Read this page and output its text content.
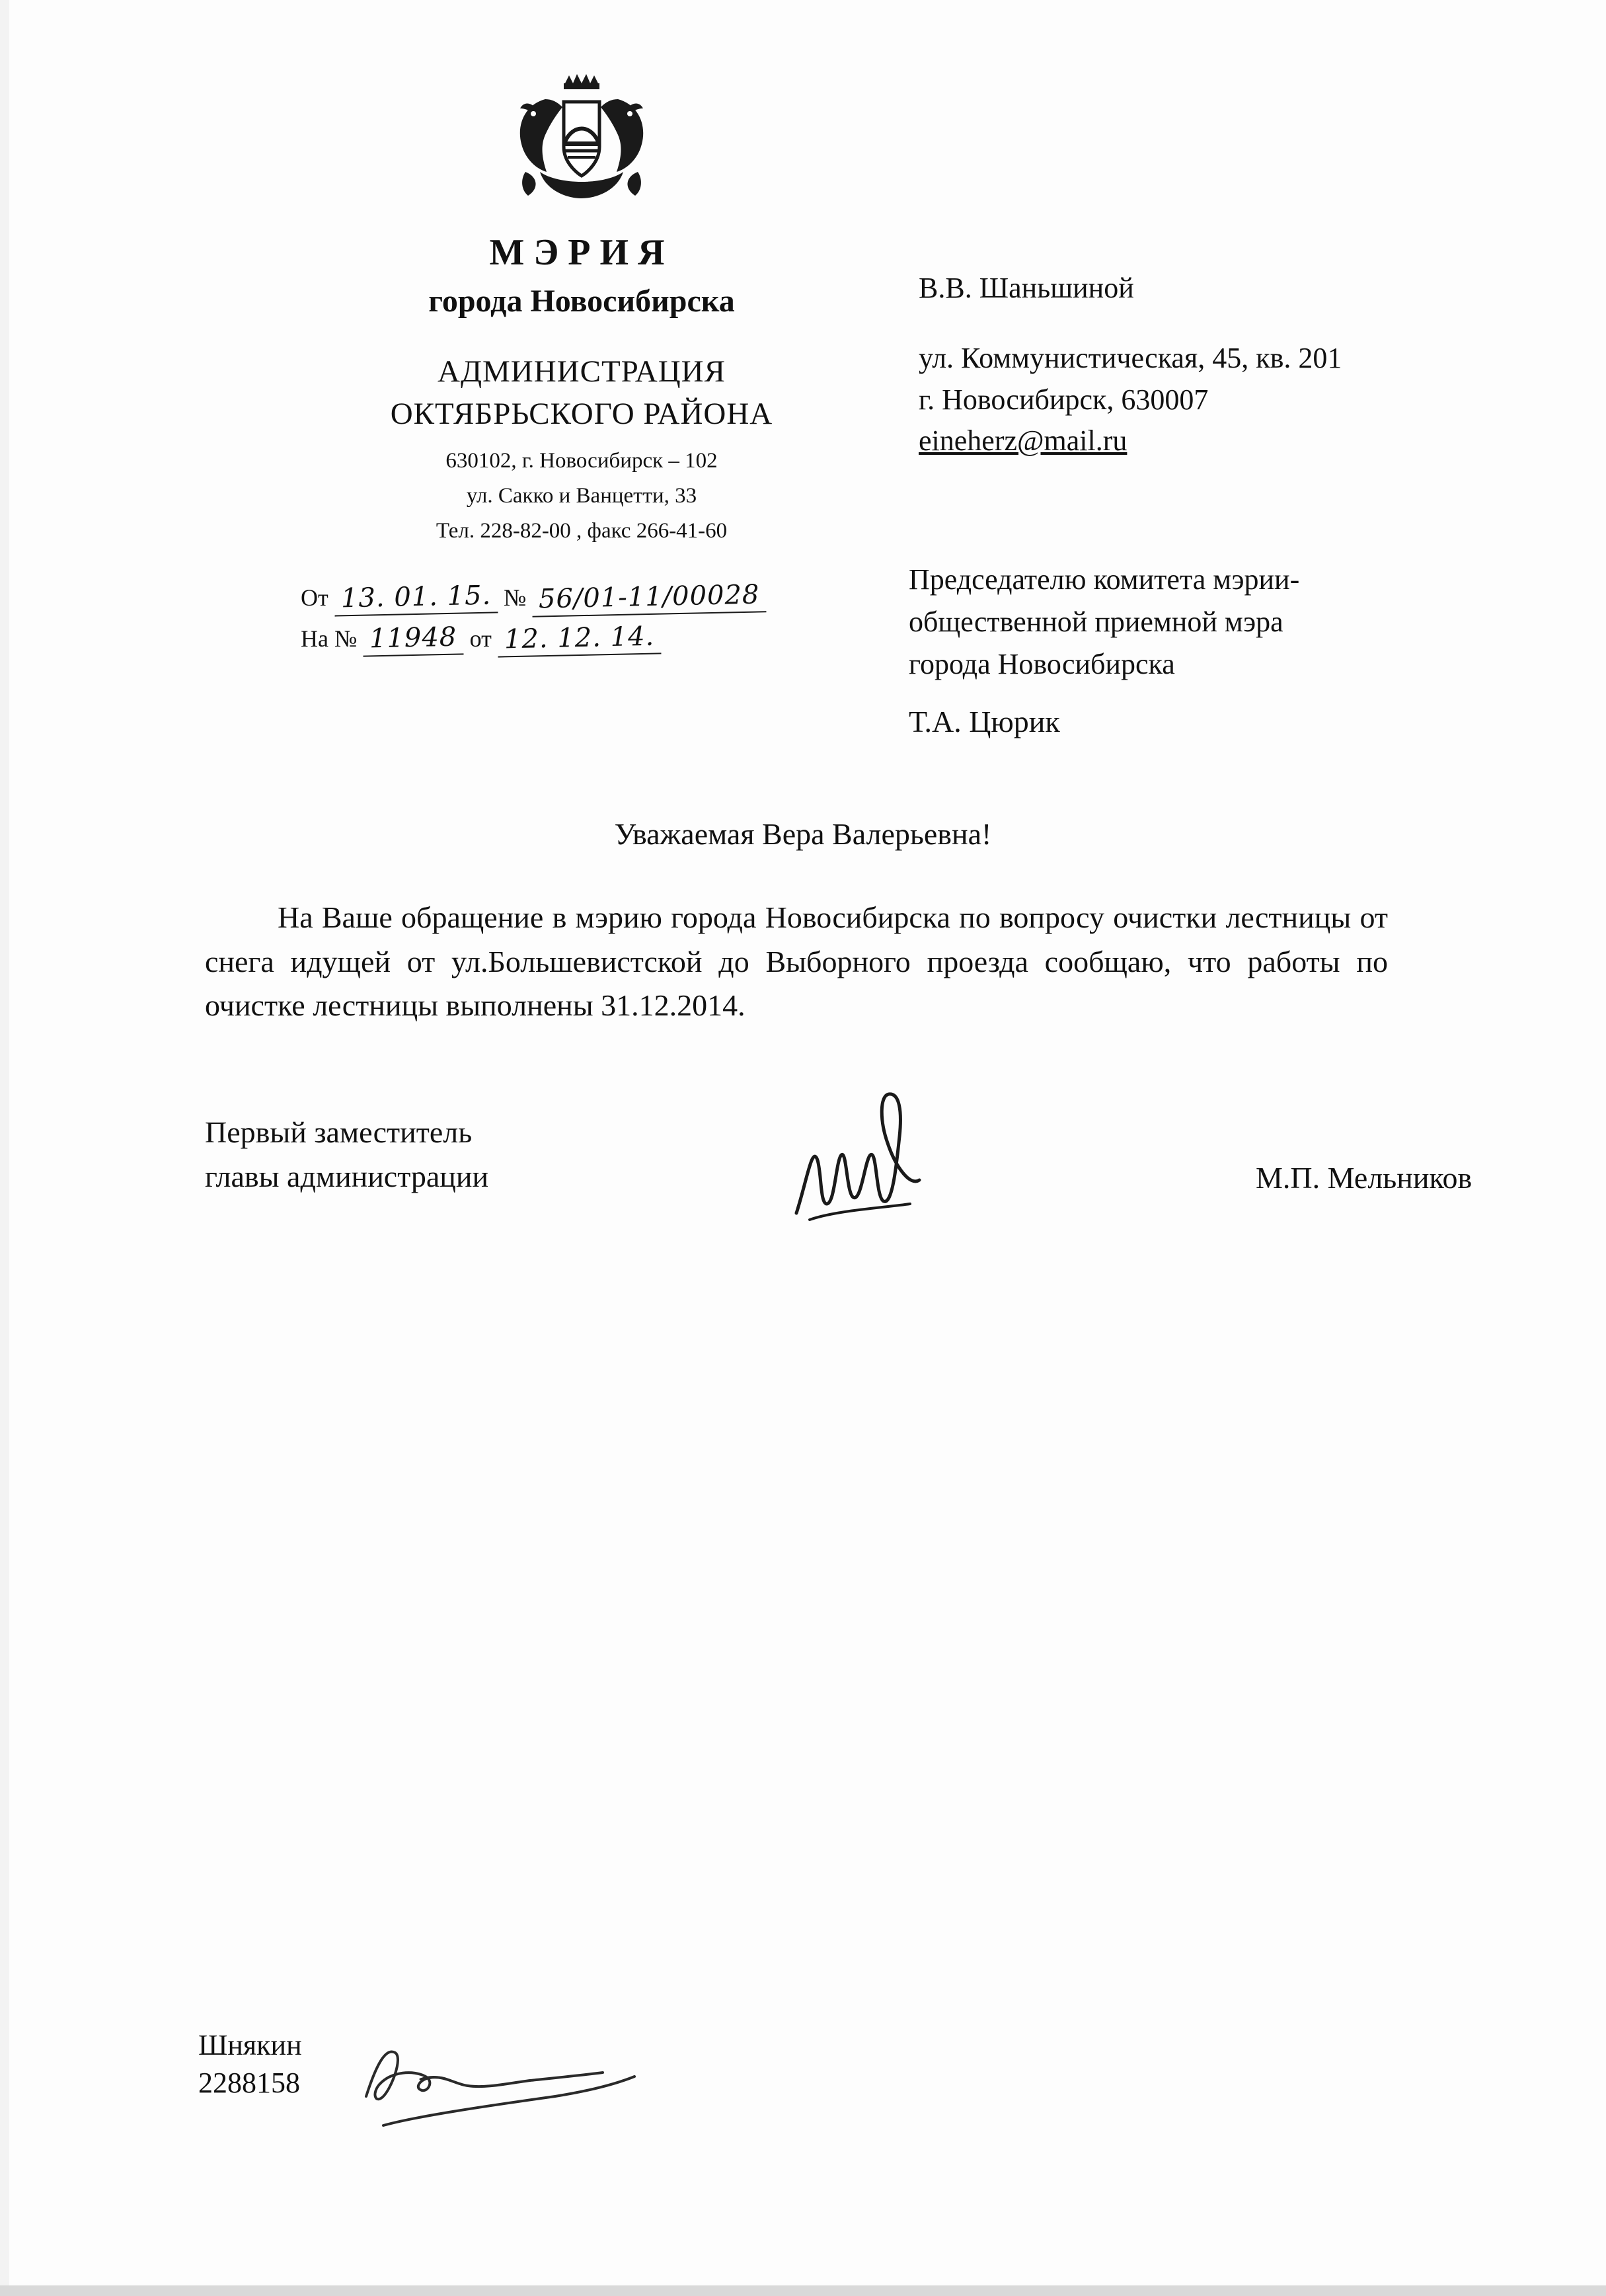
МЭРИЯ
города Новосибирска
АДМИНИСТРАЦИЯ
ОКТЯБРЬСКОГО РАЙОНА
630102, г. Новосибирск – 102
ул. Сакко и Ванцетти, 33
Тел. 228-82-00 , факс 266-41-60
От 13. 01. 15. № 56/01-11/00028
На № 11948 от 12. 12. 14.
В.В. Шаньшиной
ул. Коммунистическая, 45, кв. 201
г. Новосибирск, 630007
eineherz@mail.ru
Председателю комитета мэрии-
общественной приемной мэра
города Новосибирска
Т.А. Цюрик
Уважаемая Вера Валерьевна!
На Ваше обращение в мэрию города Новосибирска по вопросу очистки лестницы от снега идущей от ул.Большевистской до Выборного проезда сообщаю, что работы по очистке лестницы выполнены 31.12.2014.
Первый заместитель
главы администрации	М.П. Мельников
Шнякин
2288158
